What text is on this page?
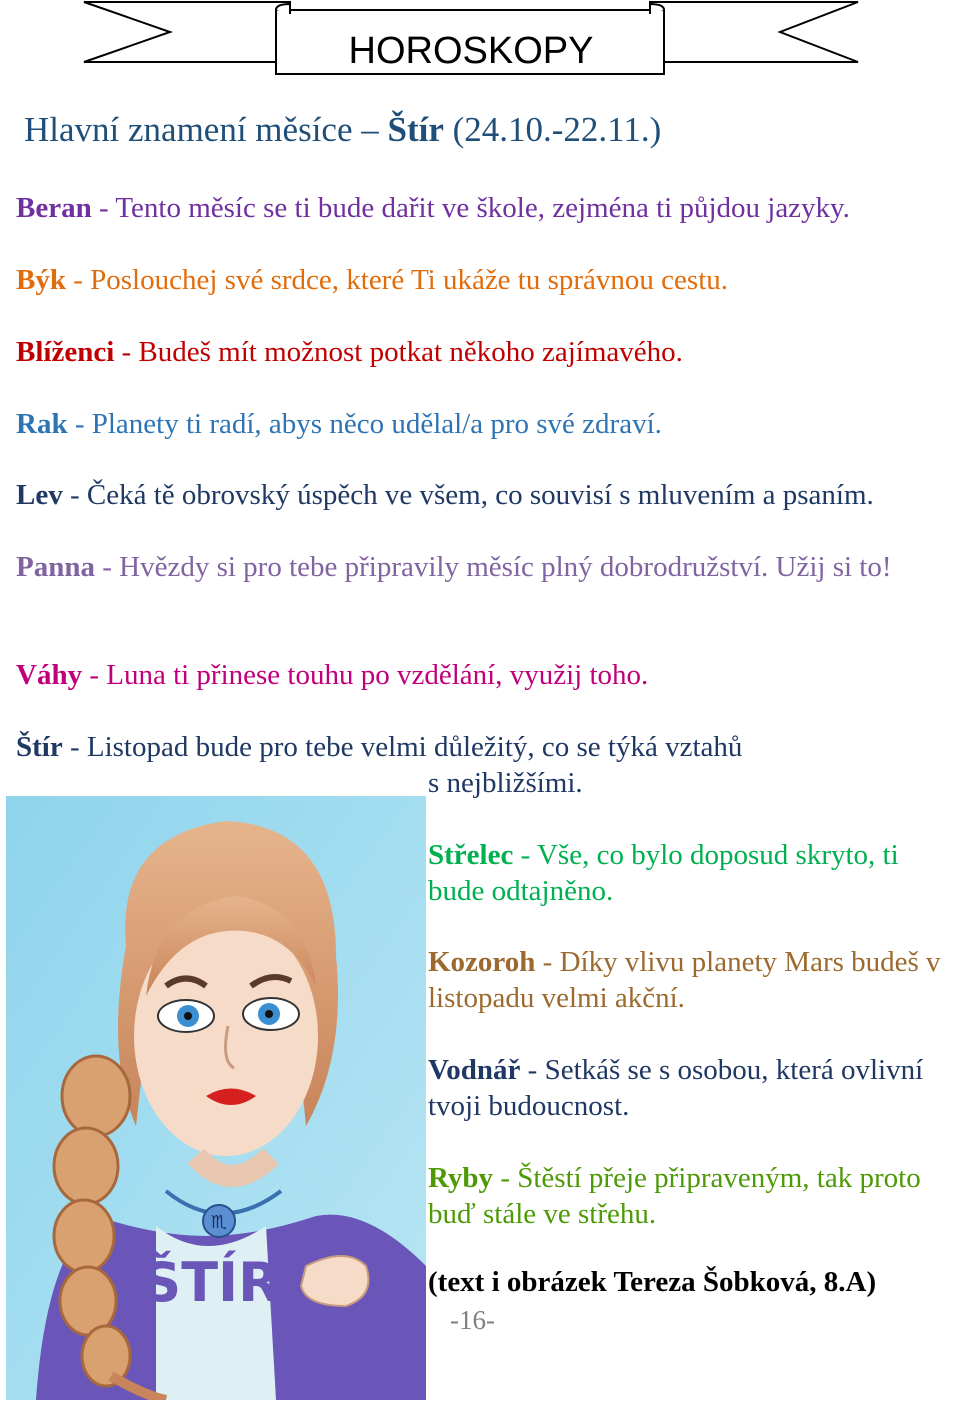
HOROSKOPY
Hlavní znamení měsíce – Štír (24.10.-22.11.)

Beran - Tento měsíc se ti bude dařit ve škole, zejména ti půjdou jazyky.

Býk - Poslouchej své srdce, které Ti ukáže tu správnou cestu.

Blíženci - Budeš mít možnost potkat někoho zajímavého.

Rak - Planety ti radí, abys něco udělal/a pro své zdraví.

Lev - Čeká tě obrovský úspěch ve všem, co souvisí s mluvením a psaním.

Panna - Hvězdy si pro tebe připravily měsíc plný dobrodružství. Užij si to!

Váhy - Luna ti přinese touhu po vzdělání, využij toho.

Štír - Listopad bude pro tebe velmi důležitý, co se týká vztahů

s nejbližšími.

♏
ŠTÍR

Střelec - Vše, co bylo doposud skryto, ti bude odtajněno.

Kozoroh - Díky vlivu planety Mars budeš v listopadu velmi akční.

Vodnář - Setkáš se s osobou, která ovlivní tvoji budoucnost.

Ryby - Štěstí přeje připraveným, tak proto buď stále ve střehu.

(text i obrázek Tereza Šobková, 8.A)
-16-
